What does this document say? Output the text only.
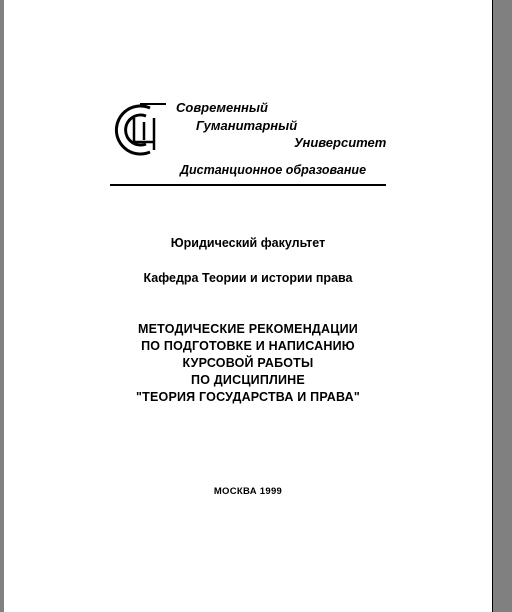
Современный
Гуманитарный
Университет
Дистанционное образование
Юридический факультет
Кафедра Теории и истории права
МЕТОДИЧЕСКИЕ РЕКОМЕНДАЦИИ
ПО ПОДГОТОВКЕ И НАПИСАНИЮ
КУРСОВОЙ РАБОТЫ
ПО ДИСЦИПЛИНЕ
"ТЕОРИЯ ГОСУДАРСТВА И ПРАВА"
МОСКВА 1999
